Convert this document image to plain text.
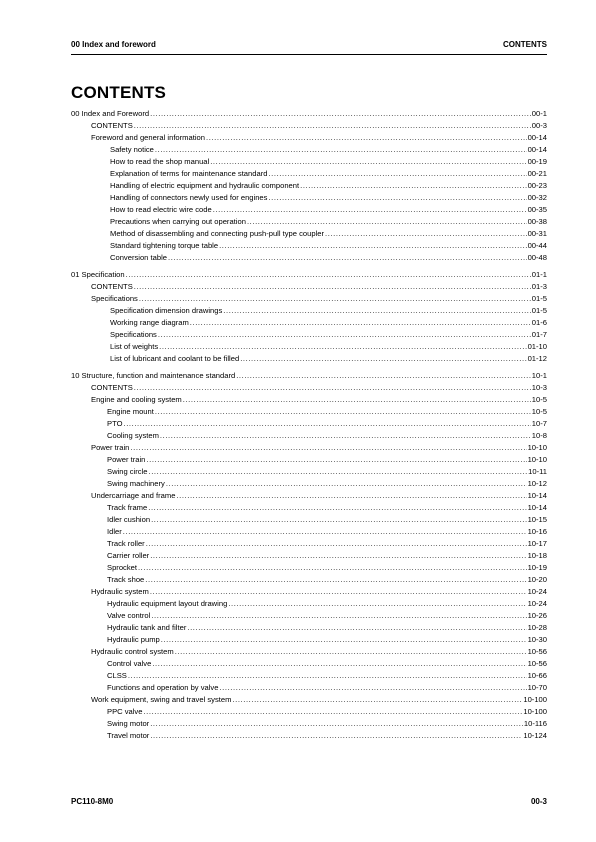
00 Index and foreword	CONTENTS
CONTENTS
00 Index and Foreword .....	00-1
CONTENTS .....	00-3
Foreword and general information .....	00-14
Safety notice .....	00-14
How to read the shop manual .....	00-19
Explanation of terms for maintenance standard .....	00-21
Handling of electric equipment and hydraulic component .....	00-23
Handling of connectors newly used for engines .....	00-32
How to read electric wire code .....	00-35
Precautions when carrying out operation .....	00-38
Method of disassembling and connecting push-pull type coupler .....	00-31
Standard tightening torque table .....	00-44
Conversion table .....	00-48
01 Specification .....	01-1
CONTENTS .....	01-3
Specifications .....	01-5
Specification dimension drawings .....	01-5
Working range diagram .....	01-6
Specifications .....	01-7
List of weights .....	01-10
List of lubricant and coolant to be filled .....	01-12
10 Structure, function and maintenance standard .....	10-1
CONTENTS .....	10-3
Engine and cooling system .....	10-5
Engine mount .....	10-5
PTO .....	10-7
Cooling system .....	10-8
Power train .....	10-10
Power train .....	10-10
Swing circle .....	10-11
Swing machinery .....	10-12
Undercarriage and frame .....	10-14
Track frame .....	10-14
Idler cushion .....	10-15
Idler .....	10-16
Track roller .....	10-17
Carrier roller .....	10-18
Sprocket .....	10-19
Track shoe .....	10-20
Hydraulic system .....	10-24
Hydraulic equipment layout drawing .....	10-24
Valve control .....	10-26
Hydraulic tank and filter .....	10-28
Hydraulic pump .....	10-30
Hydraulic control system .....	10-56
Control valve .....	10-56
CLSS .....	10-66
Functions and operation by valve .....	10-70
Work equipment, swing and travel system .....	10-100
PPC valve .....	10-100
Swing motor .....	10-116
Travel motor .....	10-124
PC110-8M0	00-3
